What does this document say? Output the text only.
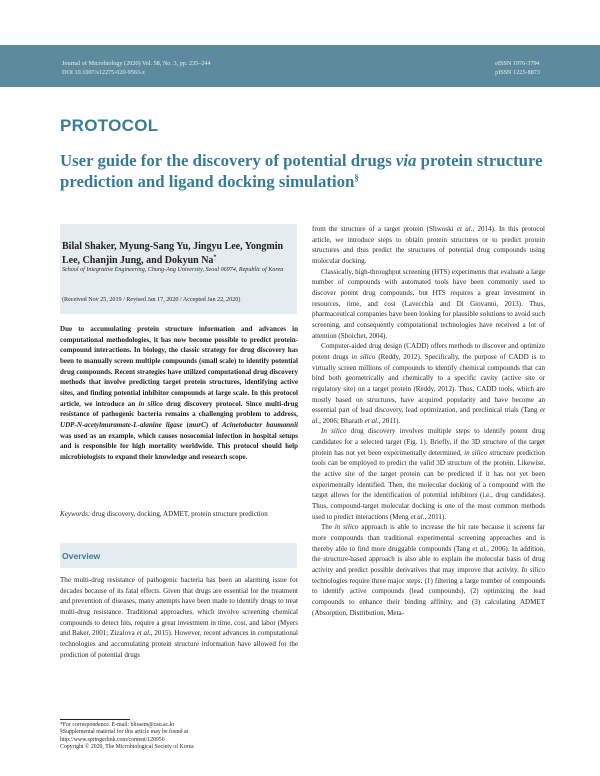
Journal of Microbiology (2020) Vol. 58, No. 3, pp. 235–244
DOI 10.1007/s12275-020-9563-z
eISSN 1976-3794
pISSN 1225-8873
PROTOCOL
User guide for the discovery of potential drugs via protein structure prediction and ligand docking simulation§
Bilal Shaker, Myung-Sang Yu, Jingyu Lee, Yongmin Lee, Chanjin Jung, and Dokyun Na*
School of Integrative Engineering, Chung-Ang University, Seoul 06974, Republic of Korea
(Received Nov 25, 2019 / Revised Jan 17, 2020 / Accepted Jan 22, 2020)
Due to accumulating protein structure information and advances in computational methodologies, it has now become possible to predict protein-compound interactions. In biology, the classic strategy for drug discovery has been to manually screen multiple compounds (small scale) to identify potential drug compounds. Recent strategies have utilized computational drug discovery methods that involve predicting target protein structures, identifying active sites, and finding potential inhibitor compounds at large scale. In this protocol article, we introduce an in silico drug discovery protocol. Since multi-drug resistance of pathogenic bacteria remains a challenging problem to address, UDP-N-acetylmuramate-L-alanine ligase (murC) of Acinetobacter baumannii was used as an example, which causes nosocomial infection in hospital setups and is responsible for high mortality worldwide. This protocol should help microbiologists to expand their knowledge and research scope.
Keywords: drug discovery, docking, ADMET, protein structure prediction
Overview
The multi-drug resistance of pathogenic bacteria has been an alarming issue for decades because of its fatal effects. Given that drugs are essential for the treatment and prevention of diseases, many attempts have been made to identify drugs to treat multi-drug resistance. Traditional approaches, which involve screening chemical compounds to detect hits, require a great investment in time, cost, and labor (Myers and Baker, 2001; Zizalova et al., 2015). However, recent advances in computational technologies and accumulating protein structure information have allowed for the prediction of potential drugs
*For correspondence. E-mail: blissem@cau.ac.kr
§Supplemental material for this article may be found at
http://www.springerlink.com/content/120956
Copyright © 2020, The Microbiological Society of Korea

from the structure of a target protein (Sliwoski et al., 2014). In this protocol article, we introduce steps to obtain protein structures or to predict protein structures and thus predict the structures of potential drug compounds using molecular docking.

Classically, high-throughput screening (HTS) experiments that evaluate a large number of compounds with automated tools have been commonly used to discover potent drug compounds, but HTS requires a great investment in resources, time, and cost (Lavecchia and Di Giovanni, 2013). Thus, pharmaceutical companies have been looking for plausible solutions to avoid such screening, and consequently computational technologies have received a lot of attention (Shoichet, 2004).

Computer-aided drug design (CADD) offers methods to discover and optimize potent drugs in silico (Reddy, 2012). Specifically, the purpose of CADD is to virtually screen millions of compounds to identify chemical compounds that can bind both geometrically and chemically to a specific cavity (active site or regulatory site) on a target protein (Reddy, 2012). Thus, CADD tools, which are mostly based on structures, have acquired popularity and have become an essential part of lead discovery, lead optimization, and preclinical trials (Tang et al., 2006; Bharath et al., 2011).

In silico drug discovery involves multiple steps to identify potent drug candidates for a selected target (Fig. 1). Briefly, if the 3D structure of the target protein has not yet been experimentally determined, in silico structure prediction tools can be employed to predict the valid 3D structure of the protein. Likewise, the active site of the target protein can be predicted if it has not yet been experimentally identified. Then, the molecular docking of a compound with the target allows for the identification of potential inhibitors (i.e., drug candidates). Thus, compound-target molecular docking is one of the most common methods used to predict interactions (Meng et al., 2011).

The in silico approach is able to increase the hit rate because it screens far more compounds than traditional experimental screening approaches and is thereby able to find more druggable compounds (Tang et al., 2006). In addition, the structure-based approach is also able to explain the molecular basis of drug activity and predict possible derivatives that may improve that activity. In silico technologies require three major steps: (1) filtering a large number of compounds to identify active compounds (lead compounds), (2) optimizing the lead compounds to enhance their binding affinity, and (3) calculating ADMET (Absorption, Distribution, Meta-
